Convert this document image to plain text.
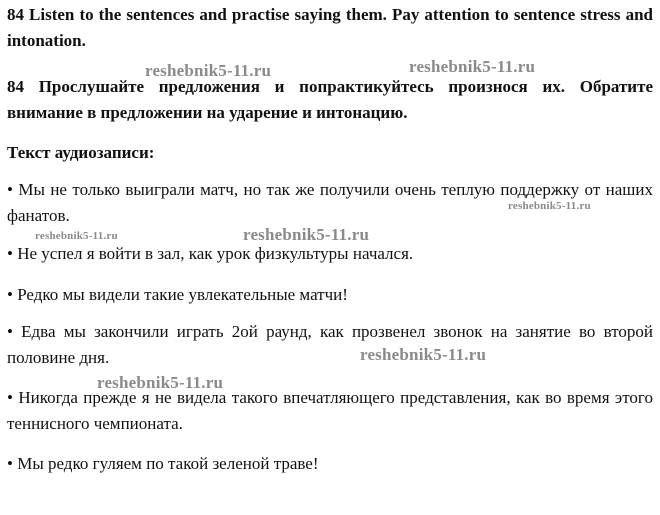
84 Listen to the sentences and practise saying them. Pay attention to sentence stress and intonation.

84 Прослушайте предложения и попрактикуйтесь произнося их. Обратите внимание в предложении на ударение и интонацию.

Текст аудиозаписи:

• Мы не только выиграли матч, но так же получили очень теплую поддержку от наших фанатов.

• Не успел я войти в зал, как урок физкультуры начался.

• Редко мы видели такие увлекательные матчи!

• Едва мы закончили играть 2ой раунд, как прозвенел звонок на занятие во второй половине дня.

• Никогда прежде я не видела такого впечатляющего представления, как во время этого теннисного чемпионата.

• Мы редко гуляем по такой зеленой траве!

reshebnik5-11.ru	reshebnik5-11.ru
reshebnik5-11.ru
reshebnik5-11.ru	reshebnik5-11.ru
reshebnik5-11.ru
reshebnik5-11.ru
